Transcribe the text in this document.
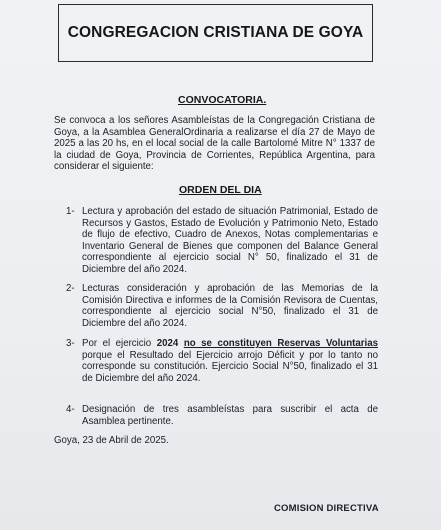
CONGREGACION CRISTIANA DE GOYA
CONVOCATORIA.
Se convoca a los señores Asambleístas de la Congregación Cristiana de Goya, a la Asamblea GeneralOrdinaria a realizarse el día 27 de Mayo de 2025 a las 20 hs, en el local social de la calle Bartolomé Mitre N° 1337 de la ciudad de Goya, Provincia de Corrientes, República Argentina, para considerar el siguiente:
ORDEN DEL DIA
1- Lectura y aprobación del estado de situación Patrimonial, Estado de Recursos y Gastos, Estado de Evolución y Patrimonio Neto, Estado de flujo de efectivo, Cuadro de Anexos, Notas complementarias e Inventario General de Bienes que componen del Balance General correspondiente al ejercicio social N° 50, finalizado el 31 de Diciembre del año 2024.
2- Lecturas consideración y aprobación de las Memorias de la Comisión Directiva e informes de la Comisión Revisora de Cuentas, correspondiente al ejercicio social N°50, finalizado el 31 de Diciembre del año 2024.
3- Por el ejercicio 2024 no se constituyen Reservas Voluntarias porque el Resultado del Ejercicio arrojo Déficit y por lo tanto no corresponde su constitución. Ejercicio Social N°50, finalizado el 31 de Diciembre del año 2024.
4- Designación de tres asambleístas para suscribir el acta de Asamblea pertinente.
Goya, 23 de Abril de 2025.
COMISION DIRECTIVA
